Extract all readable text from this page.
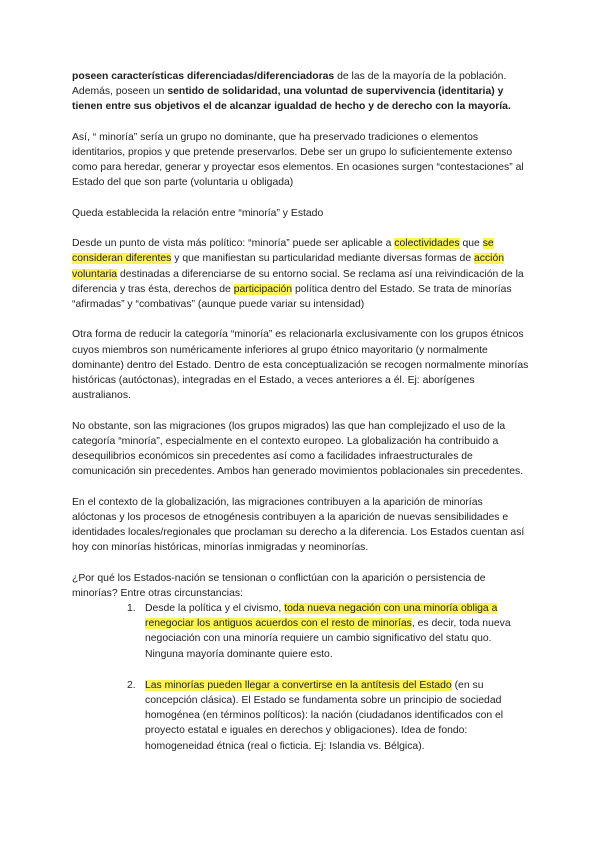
poseen características diferenciadas/diferenciadoras de las de la mayoría de la población. Además, poseen un sentido de solidaridad, una voluntad de supervivencia (identitaria) y tienen entre sus objetivos el de alcanzar igualdad de hecho y de derecho con la mayoría.

Así, “ minoría” sería un grupo no dominante, que ha preservado tradiciones o elementos identitarios, propios y que pretende preservarlos. Debe ser un grupo lo suficientemente extenso como para heredar, generar y proyectar esos elementos. En ocasiones surgen “contestaciones” al Estado del que son parte (voluntaria u obligada)

Queda establecida la relación entre “minoría” y Estado

Desde un punto de vista más político: “minoría” puede ser aplicable a colectividades que se consideran diferentes y que manifiestan su particularidad mediante diversas formas de acción voluntaria destinadas a diferenciarse de su entorno social. Se reclama así una reivindicación de la diferencia y tras ésta, derechos de participación política dentro del Estado. Se trata de minorías “afirmadas” y “combativas” (aunque puede variar su intensidad)

Otra forma de reducir la categoría “minoría” es relacionarla exclusivamente con los grupos étnicos cuyos miembros son numéricamente inferiores al grupo étnico mayoritario (y normalmente dominante) dentro del Estado. Dentro de esta conceptualización se recogen normalmente minorías históricas (autóctonas), integradas en el Estado, a veces anteriores a él. Ej: aborígenes australianos.

No obstante, son las migraciones (los grupos migrados) las que han complejizado el uso de la categoría “minoría”, especialmente en el contexto europeo. La globalización ha contribuido a desequilibrios económicos sin precedentes así como a facilidades infraestructurales de comunicación sin precedentes. Ambos han generado movimientos poblacionales sin precedentes.

En el contexto de la globalización, las migraciones contribuyen a la aparición de minorías alóctonas y los procesos de etnogénesis contribuyen a la aparición de nuevas sensibilidades e identidades locales/regionales que proclaman su derecho a la diferencia. Los Estados cuentan así hoy con minorías históricas, minorías inmigradas y neominorías.

¿Por qué los Estados-nación se tensionan o conflictúan con la aparición o persistencia de minorías? Entre otras circunstancias:

1. Desde la política y el civismo, toda nueva negación con una minoría obliga a renegociar los antiguos acuerdos con el resto de minorías, es decir, toda nueva negociación con una minoría requiere un cambio significativo del statu quo. Ninguna mayoría dominante quiere esto.
2. Las minorías pueden llegar a convertirse en la antítesis del Estado (en su concepción clásica). El Estado se fundamenta sobre un principio de sociedad homogénea (en términos políticos): la nación (ciudadanos identificados con el proyecto estatal e iguales en derechos y obligaciones). Idea de fondo: homogeneidad étnica (real o ficticia. Ej: Islandia vs. Bélgica).
